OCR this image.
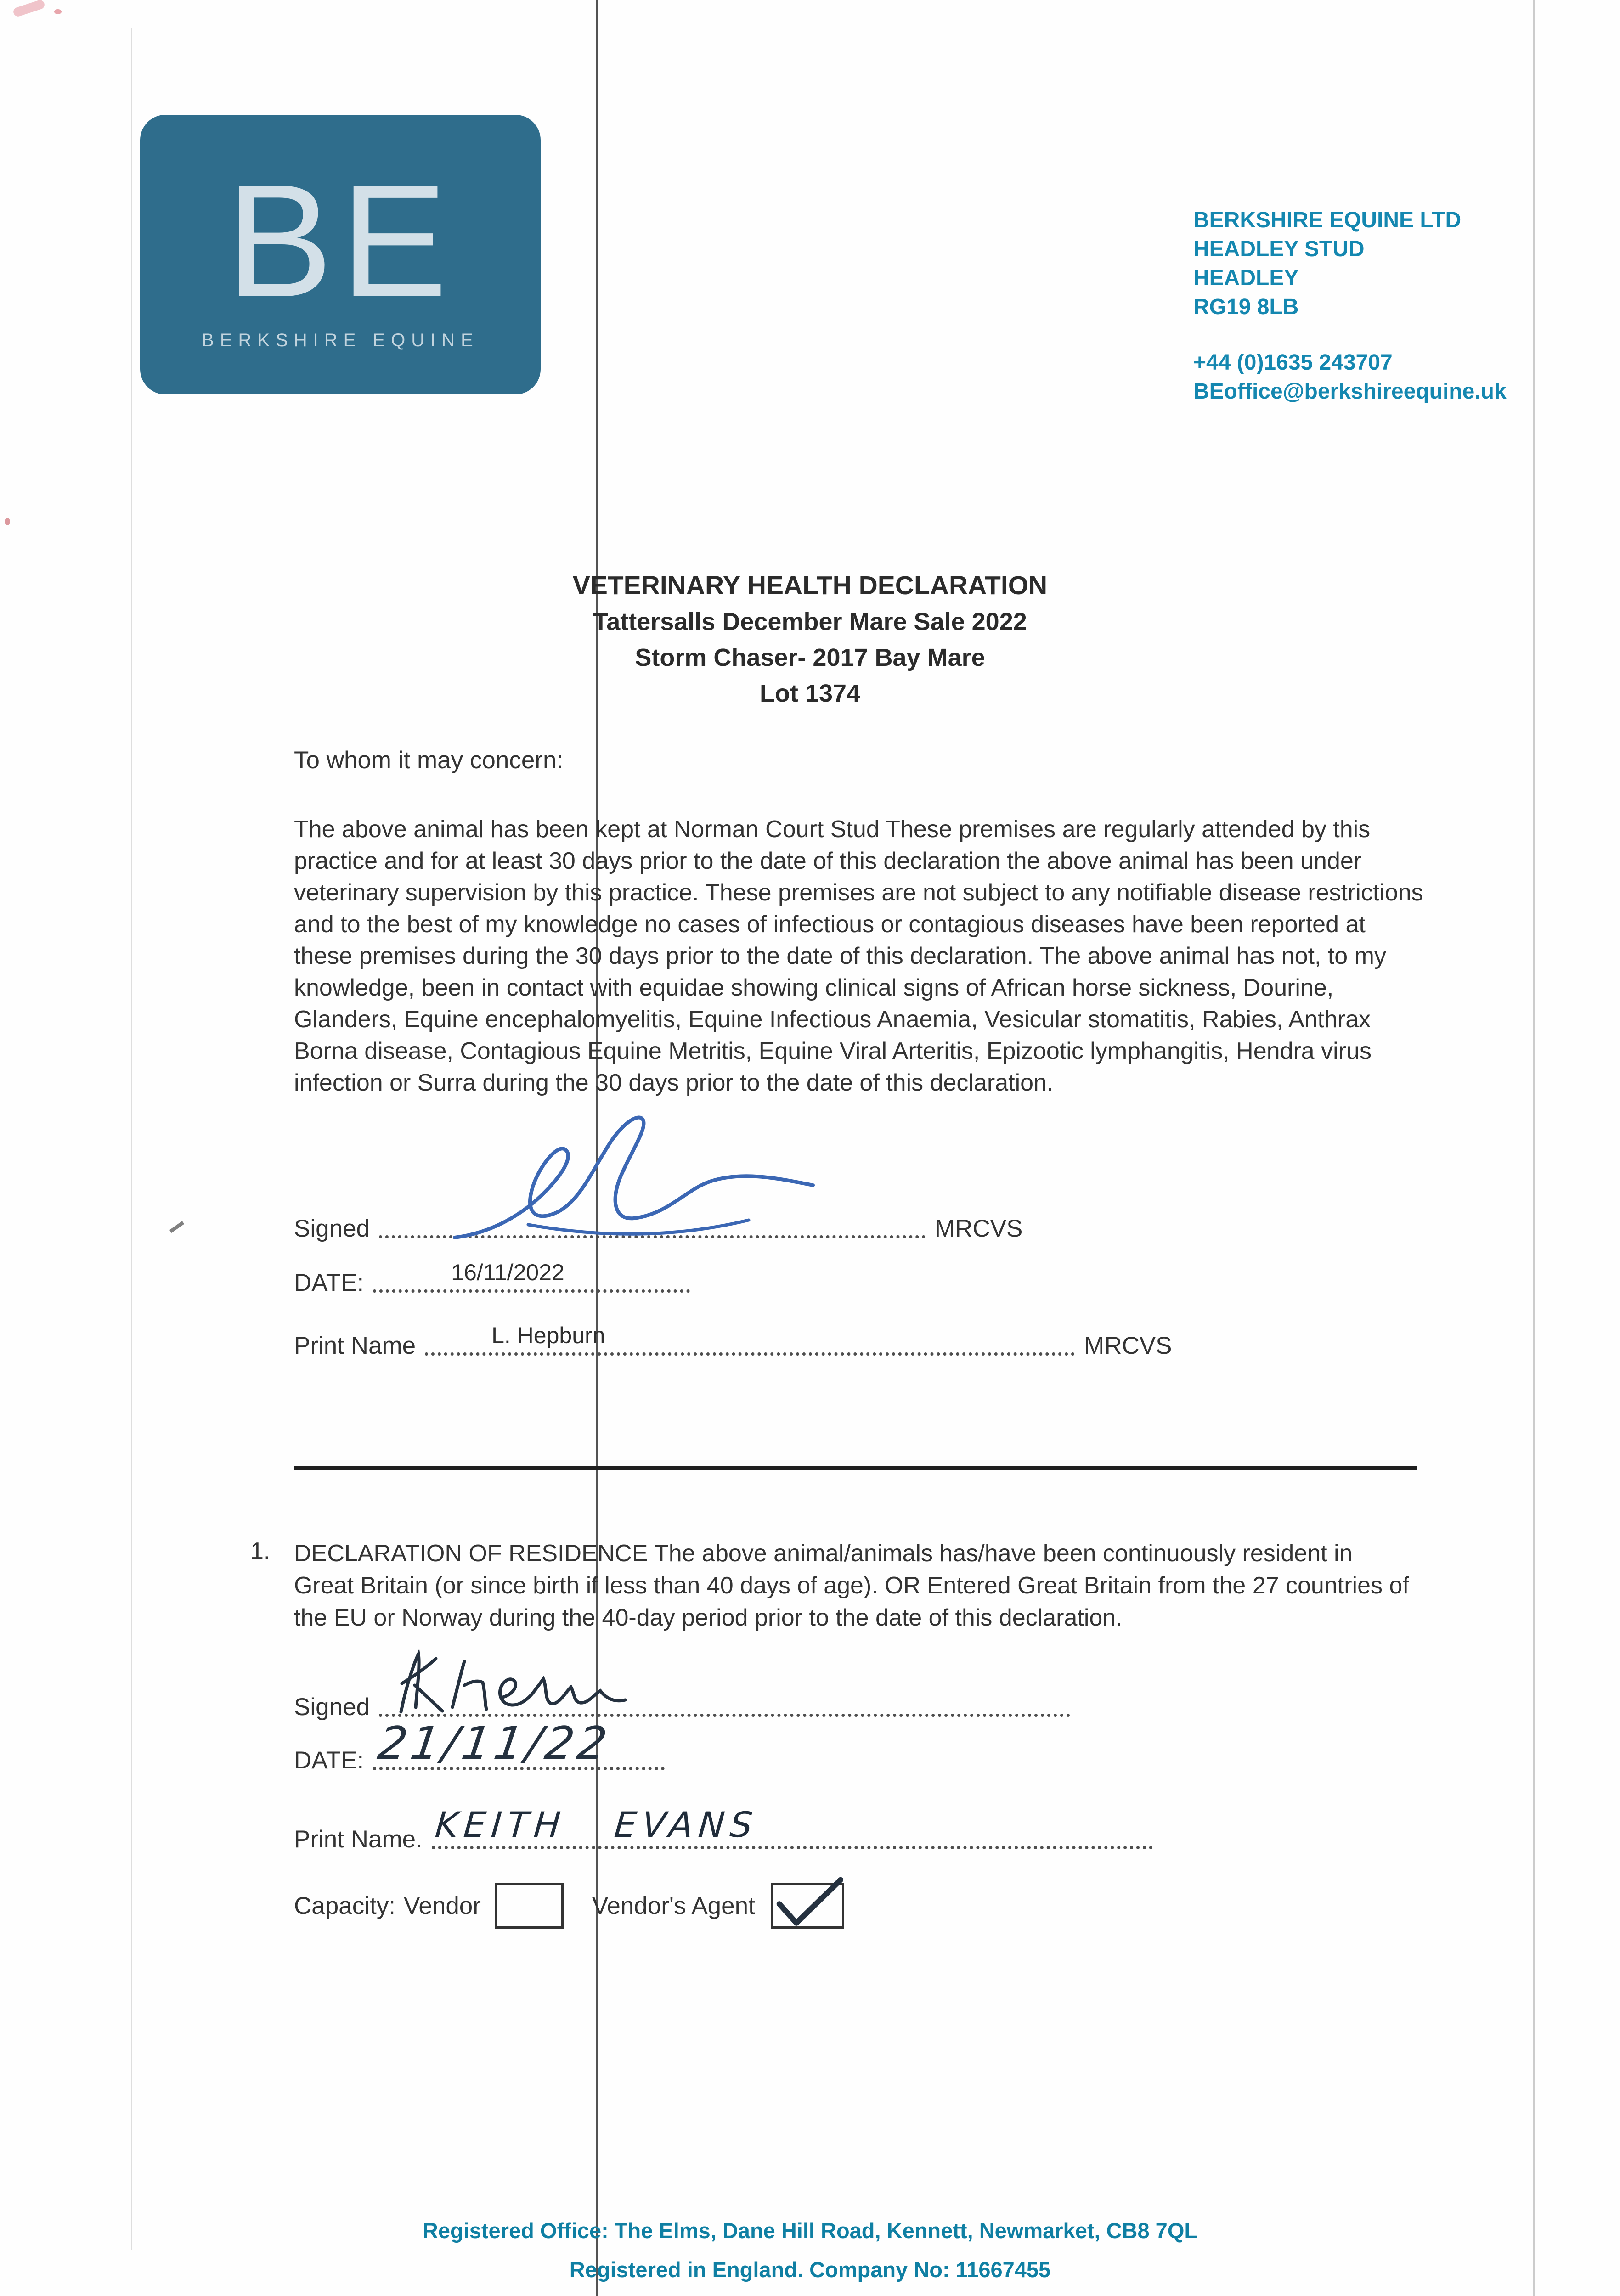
BE
BERKSHIRE EQUINE
BERKSHIRE EQUINE LTD
HEADLEY STUD
HEADLEY
RG19 8LB
+44 (0)1635 243707
BEoffice@berkshireequine.uk
VETERINARY HEALTH DECLARATION
Tattersalls December Mare Sale 2022
Storm Chaser- 2017 Bay Mare
Lot 1374
To whom it may concern:
The above animal has been kept at Norman Court Stud These premises are regularly attended by this practice and for at least 30 days prior to the date of this declaration the above animal has been under veterinary supervision by this practice. These premises are not subject to any notifiable disease restrictions and to the best of my knowledge no cases of infectious or contagious diseases have been reported at these premises during the 30 days prior to the date of this declaration. The above animal has not, to my knowledge, been in contact with equidae showing clinical signs of African horse sickness, Dourine, Glanders, Equine encephalomyelitis, Equine Infectious Anaemia, Vesicular stomatitis, Rabies, Anthrax Borna disease, Contagious Equine Metritis, Equine Viral Arteritis, Epizootic lymphangitis, Hendra virus infection or Surra during the 30 days prior to the date of this declaration.
Signed	MRCVS
DATE:	16/11/2022
Print Name	L. Hepburn	MRCVS
1. DECLARATION OF RESIDENCE The above animal/animals has/have been continuously resident in Great Britain (or since birth if less than 40 days of age). OR Entered Great Britain from the 27 countries of the EU or Norway during the 40-day period prior to the date of this declaration.
Signed
DATE: 21/11/22
Print Name. KEITH EVANS
Capacity: Vendor	Vendor's Agent
Registered Office: The Elms, Dane Hill Road, Kennett, Newmarket, CB8 7QL
Registered in England. Company No: 11667455
